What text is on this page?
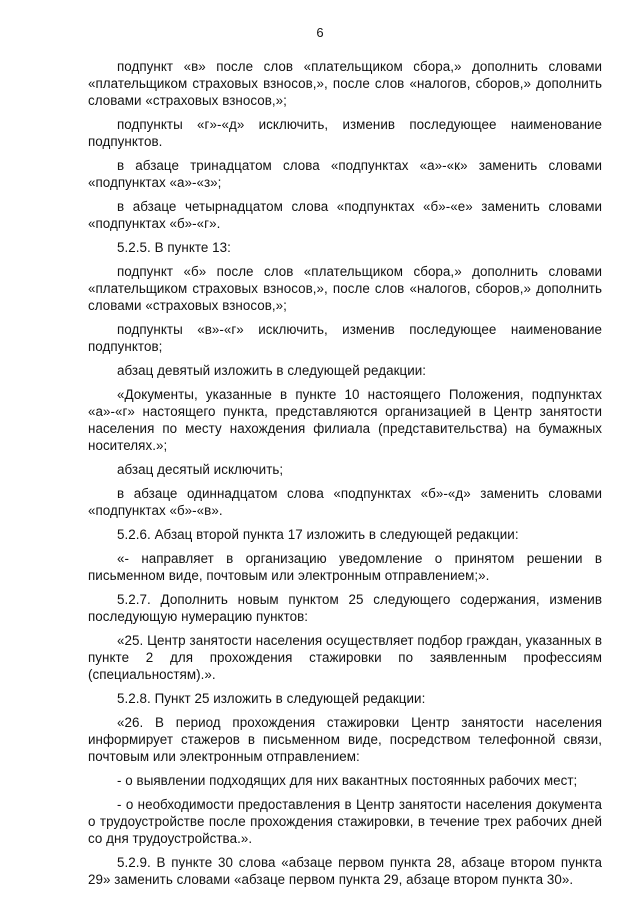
6

подпункт «в» после слов «плательщиком сбора,» дополнить словами «плательщиком страховых взносов,», после слов «налогов, сборов,» дополнить словами «страховых взносов,»;

подпункты «г»-«д» исключить, изменив последующее наименование подпунктов.

в абзаце тринадцатом слова «подпунктах «а»-«к» заменить словами «подпунктах «а»-«з»;

в абзаце четырнадцатом слова «подпунктах «б»-«е» заменить словами «подпунктах «б»-«г».

5.2.5. В пункте 13:

подпункт «б» после слов «плательщиком сбора,» дополнить словами «плательщиком страховых взносов,», после слов «налогов, сборов,» дополнить словами «страховых взносов,»;

подпункты «в»-«г» исключить, изменив последующее наименование подпунктов;

абзац девятый изложить в следующей редакции:

«Документы, указанные в пункте 10 настоящего Положения, подпунктах «а»-«г» настоящего пункта, представляются организацией в Центр занятости населения по месту нахождения филиала (представительства) на бумажных носителях.»;

абзац десятый исключить;

в абзаце одиннадцатом слова «подпунктах «б»-«д» заменить словами «подпунктах «б»-«в».

5.2.6. Абзац второй пункта 17 изложить в следующей редакции:

«- направляет в организацию уведомление о принятом решении в письменном виде, почтовым или электронным отправлением;».

5.2.7. Дополнить новым пунктом 25 следующего содержания, изменив последующую нумерацию пунктов:

«25. Центр занятости населения осуществляет подбор граждан, указанных в пункте 2 для прохождения стажировки по заявленным профессиям (специальностям).».

5.2.8. Пункт 25 изложить в следующей редакции:

«26. В период прохождения стажировки Центр занятости населения информирует стажеров в письменном виде, посредством телефонной связи, почтовым или электронным отправлением:

- о выявлении подходящих для них вакантных постоянных рабочих мест;

- о необходимости предоставления в Центр занятости населения документа о трудоустройстве после прохождения стажировки, в течение трех рабочих дней со дня трудоустройства.».

5.2.9. В пункте 30 слова «абзаце первом пункта 28, абзаце втором пункта 29» заменить словами «абзаце первом пункта 29, абзаце втором пункта 30».
